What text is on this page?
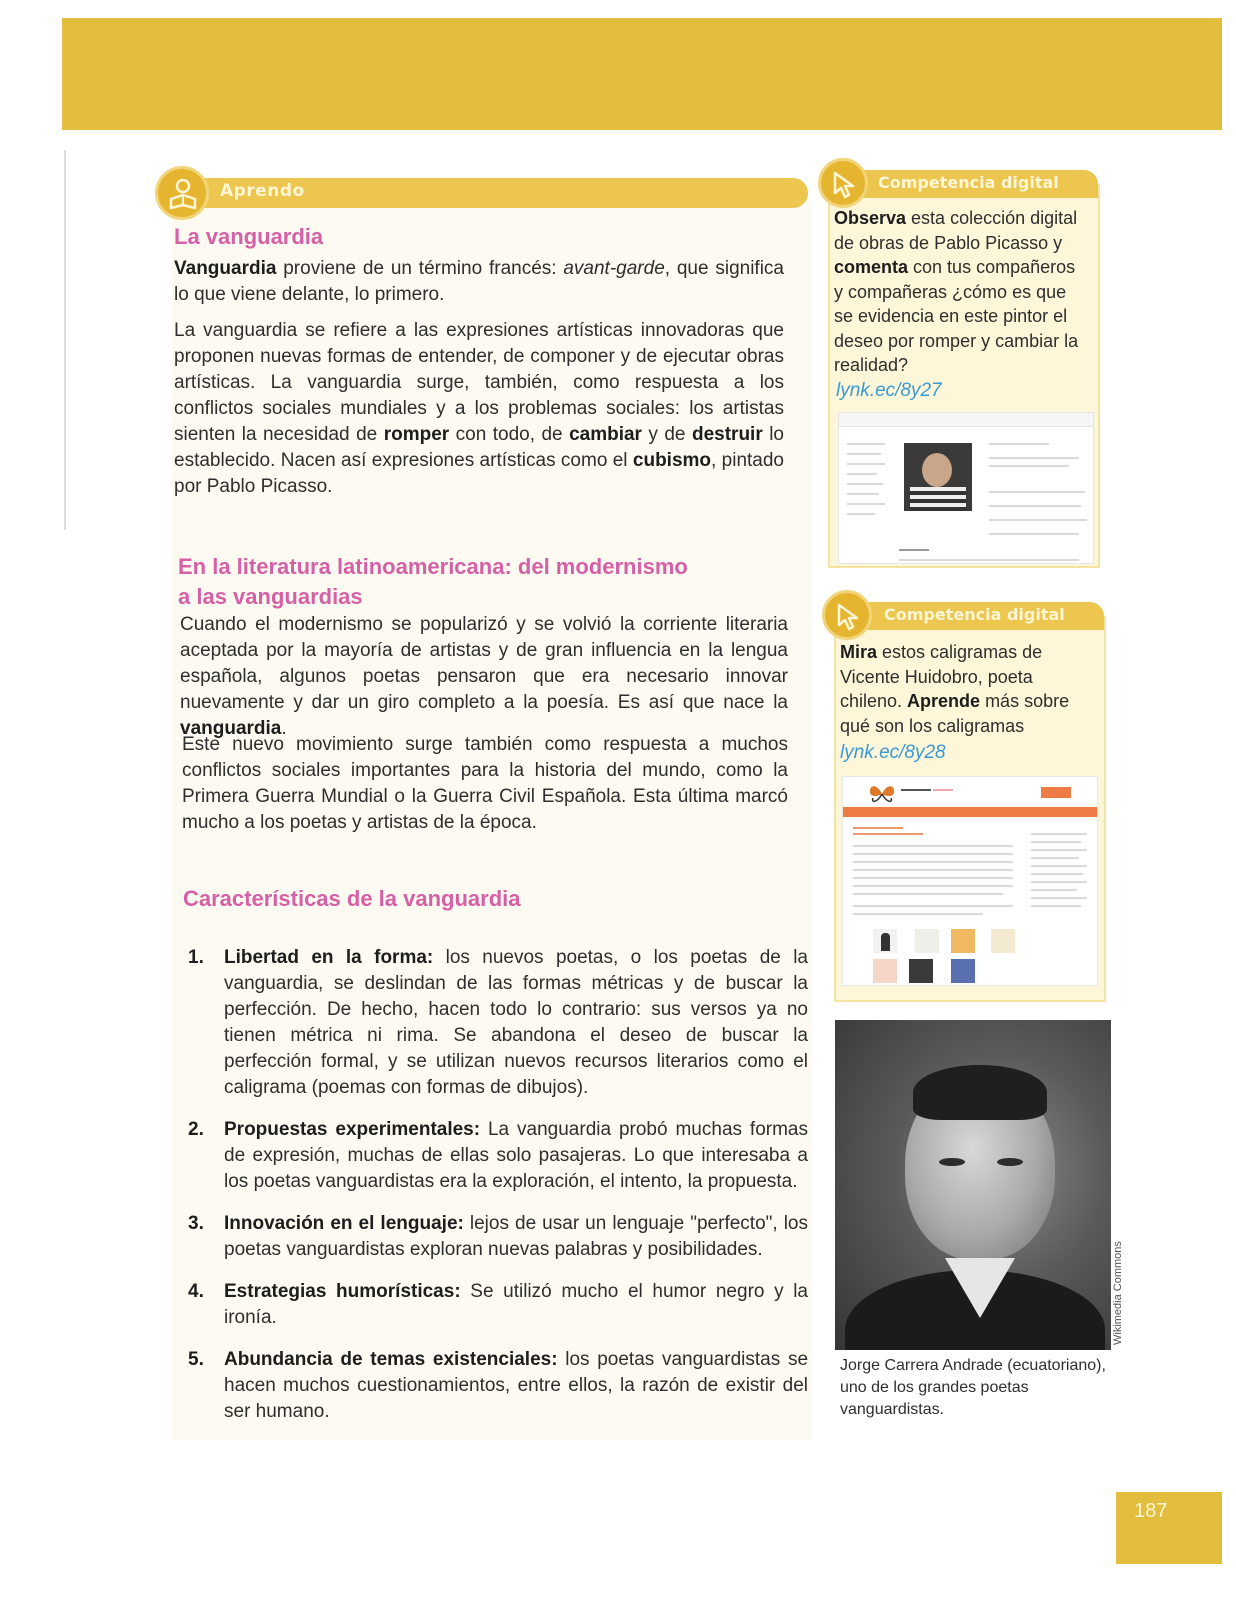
Aprendo
La vanguardia
Vanguardia proviene de un término francés: avant-garde, que significa lo que viene delante, lo primero.
La vanguardia se refiere a las expresiones artísticas innovadoras que proponen nuevas formas de entender, de componer y de ejecutar obras artísticas. La vanguardia surge, también, como respuesta a los conflictos sociales mundiales y a los problemas sociales: los artistas sienten la necesidad de romper con todo, de cambiar y de destruir lo establecido. Nacen así expresiones artísticas como el cubismo, pintado por Pablo Picasso.
En la literatura latinoamericana: del modernismo
a las vanguardias
Cuando el modernismo se popularizó y se volvió la corriente literaria aceptada por la mayoría de artistas y de gran influencia en la lengua española, algunos poetas pensaron que era necesario innovar nuevamente y dar un giro completo a la poesía. Es así que nace la vanguardia.
Este nuevo movimiento surge también como respuesta a muchos conflictos sociales importantes para la historia del mundo, como la Primera Guerra Mundial o la Guerra Civil Española. Esta última marcó mucho a los poetas y artistas de la época.
Características de la vanguardia
1. Libertad en la forma: los nuevos poetas, o los poetas de la vanguardia, se deslindan de las formas métricas y de buscar la perfección. De hecho, hacen todo lo contrario: sus versos ya no tienen métrica ni rima. Se abandona el deseo de buscar la perfección formal, y se utilizan nuevos recursos literarios como el caligrama (poemas con formas de dibujos).
2. Propuestas experimentales: La vanguardia probó muchas formas de expresión, muchas de ellas solo pasajeras. Lo que interesaba a los poetas vanguardistas era la exploración, el intento, la propuesta.
3. Innovación en el lenguaje: lejos de usar un lenguaje "perfecto", los poetas vanguardistas exploran nuevas palabras y posibilidades.
4. Estrategias humorísticas: Se utilizó mucho el humor negro y la ironía.
5. Abundancia de temas existenciales: los poetas vanguardistas se hacen muchos cuestionamientos, entre ellos, la razón de existir del ser humano.
Competencia digital
Observa esta colección digital de obras de Pablo Picasso y comenta con tus compañeros y compañeras ¿cómo es que se evidencia en este pintor el deseo por romper y cambiar la realidad?
lynk.ec/8y27
Competencia digital
Mira estos caligramas de Vicente Huidobro, poeta chileno. Aprende más sobre qué son los caligramas
lynk.ec/8y28
Wikimedia Commons
Jorge Carrera Andrade (ecuatoriano), uno de los grandes poetas vanguardistas.
187
